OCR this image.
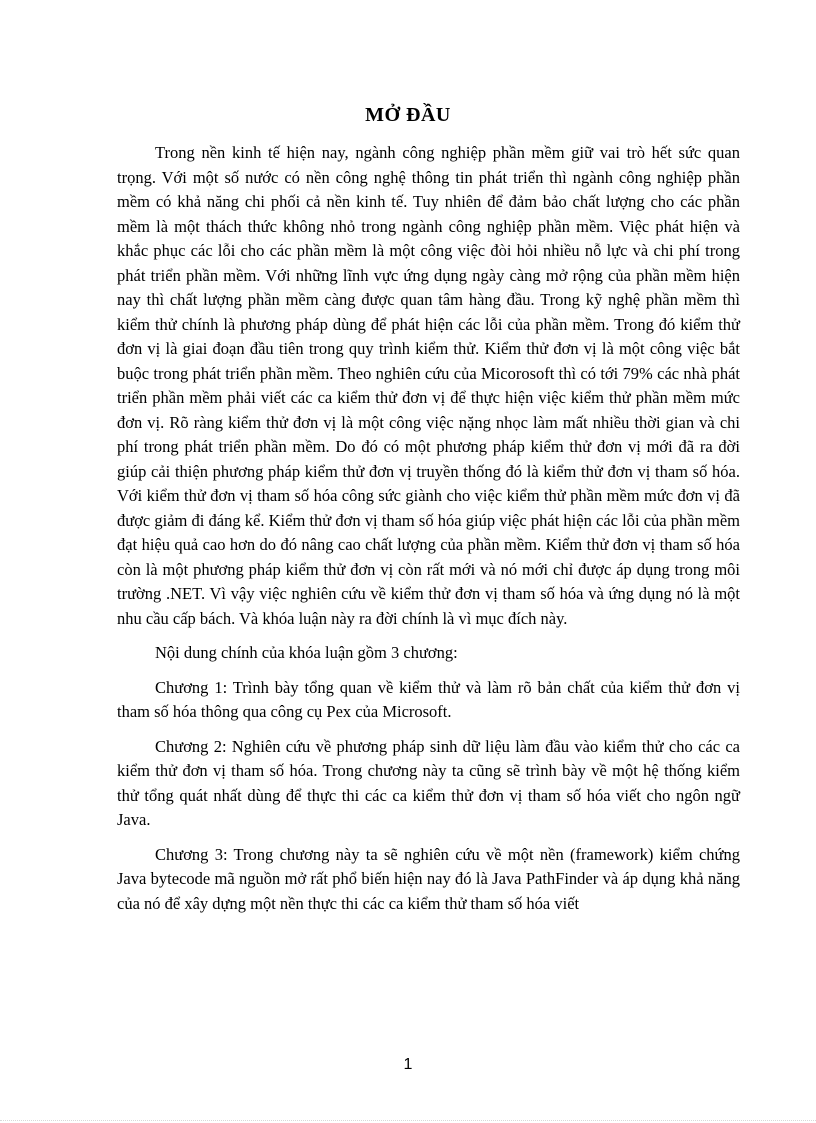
MỞ ĐẦU

Trong nền kinh tế hiện nay, ngành công nghiệp phần mềm giữ vai trò hết sức quan trọng. Với một số nước có nền công nghệ thông tin phát triển thì ngành công nghiệp phần mềm có khả năng chi phối cả nền kinh tế. Tuy nhiên để đảm bảo chất lượng cho các phần mềm là một thách thức không nhỏ trong ngành công nghiệp phần mềm. Việc phát hiện và khắc phục các lỗi cho các phần mềm là một công việc đòi hỏi nhiều nỗ lực và chi phí trong phát triển phần mềm. Với những lĩnh vực ứng dụng ngày càng mở rộng của phần mềm hiện nay thì chất lượng phần mềm càng được quan tâm hàng đầu. Trong kỹ nghệ phần mềm thì kiểm thử chính là phương pháp dùng để phát hiện các lỗi của phần mềm. Trong đó kiểm thử đơn vị là giai đoạn đầu tiên trong quy trình kiểm thử. Kiểm thử đơn vị là một công việc bắt buộc trong phát triển phần mềm. Theo nghiên cứu của Micorosoft thì có tới 79% các nhà phát triển phần mềm phải viết các ca kiểm thử đơn vị để thực hiện việc kiểm thử phần mềm mức đơn vị. Rõ ràng kiểm thử đơn vị là một công việc nặng nhọc làm mất nhiều thời gian và chi phí trong phát triển phần mềm. Do đó có một phương pháp kiểm thử đơn vị mới đã ra đời giúp cải thiện phương pháp kiểm thử đơn vị truyền thống đó là kiểm thử đơn vị tham số hóa. Với kiểm thử đơn vị tham số hóa công sức giành cho việc kiểm thử phần mềm mức đơn vị đã được giảm đi đáng kể. Kiểm thử đơn vị tham số hóa giúp việc phát hiện các lỗi của phần mềm đạt hiệu quả cao hơn do đó nâng cao chất lượng của phần mềm. Kiểm thử đơn vị tham số hóa còn là một phương pháp kiểm thử đơn vị còn rất mới và nó mới chỉ được áp dụng trong môi trường .NET. Vì vậy việc nghiên cứu về kiểm thử đơn vị tham số hóa và ứng dụng nó là một nhu cầu cấp bách. Và khóa luận này ra đời chính là vì mục đích này.

Nội dung chính của khóa luận gồm 3 chương:

Chương 1: Trình bày tổng quan về kiểm thử và làm rõ bản chất của kiểm thử đơn vị tham số hóa thông qua công cụ Pex của Microsoft.

Chương 2: Nghiên cứu về phương pháp sinh dữ liệu làm đầu vào kiểm thử cho các ca kiểm thử đơn vị tham số hóa. Trong chương này ta cũng sẽ trình bày về một hệ thống kiểm thử tổng quát nhất dùng để thực thi các ca kiểm thử đơn vị tham số hóa viết cho ngôn ngữ Java.

Chương 3: Trong chương này ta sẽ nghiên cứu về một nền (framework) kiểm chứng Java bytecode mã nguồn mở rất phổ biến hiện nay đó là Java PathFinder và áp dụng khả năng của nó để xây dựng một nền thực thi các ca kiểm thử tham số hóa viết

1
